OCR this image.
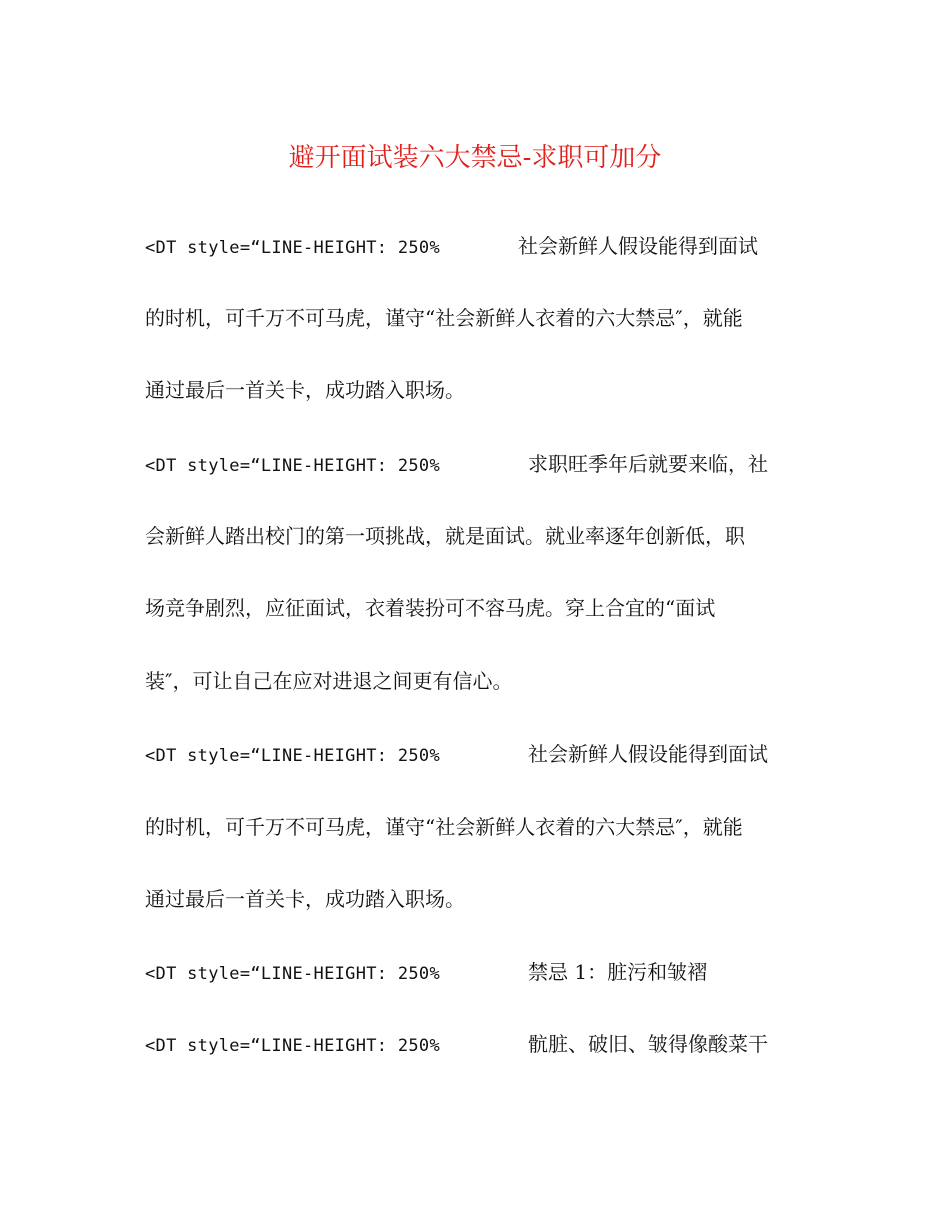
避开面试装六大禁忌-求职可加分
<DT style=“LINE-HEIGHT: 250%	社会新鲜人假设能得到面试
的时机，可千万不可马虎，谨守“社会新鲜人衣着的六大禁忌″，就能
通过最后一首关卡，成功踏入职场。
<DT style=“LINE-HEIGHT: 250%	求职旺季年后就要来临，社
会新鲜人踏出校门的第一项挑战，就是面试。就业率逐年创新低，职
场竞争剧烈，应征面试，衣着装扮可不容马虎。穿上合宜的“面试
装″，可让自己在应对进退之间更有信心。
<DT style=“LINE-HEIGHT: 250%	社会新鲜人假设能得到面试
的时机，可千万不可马虎，谨守“社会新鲜人衣着的六大禁忌″，就能
通过最后一首关卡，成功踏入职场。
<DT style=“LINE-HEIGHT: 250%	禁忌 1：脏污和皱褶
<DT style=“LINE-HEIGHT: 250%	骯脏、破旧、皱得像酸菜干
